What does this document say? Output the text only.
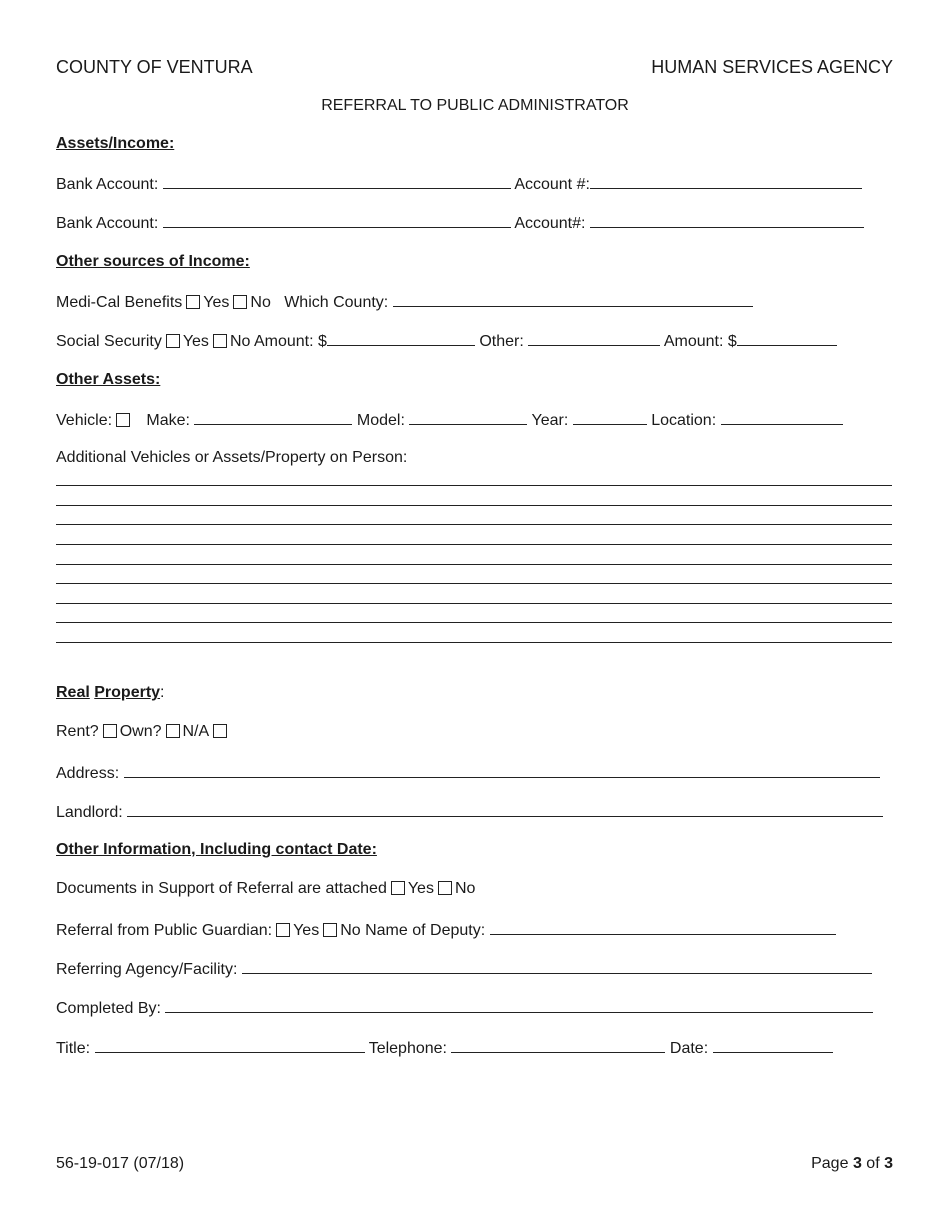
COUNTY OF VENTURA	HUMAN SERVICES AGENCY
REFERRAL TO PUBLIC ADMINISTRATOR
Assets/Income:
Bank Account:	Account #:
Bank Account:	Account#:
Other sources of Income:
Medi-Cal Benefits Yes No Which County:
Social Security Yes No Amount: $	Other:	Amount: $
Other Assets:
Vehicle: Make:	Model:	Year:	Location:
Additional Vehicles or Assets/Property on Person:
Real Property:
Rent? Own? N/A
Address:
Landlord:
Other Information, Including contact Date:
Documents in Support of Referral are attached Yes No
Referral from Public Guardian: Yes No Name of Deputy:
Referring Agency/Facility:
Completed By:
Title:	Telephone:	Date:
56-19-017 (07/18)	Page 3 of 3
